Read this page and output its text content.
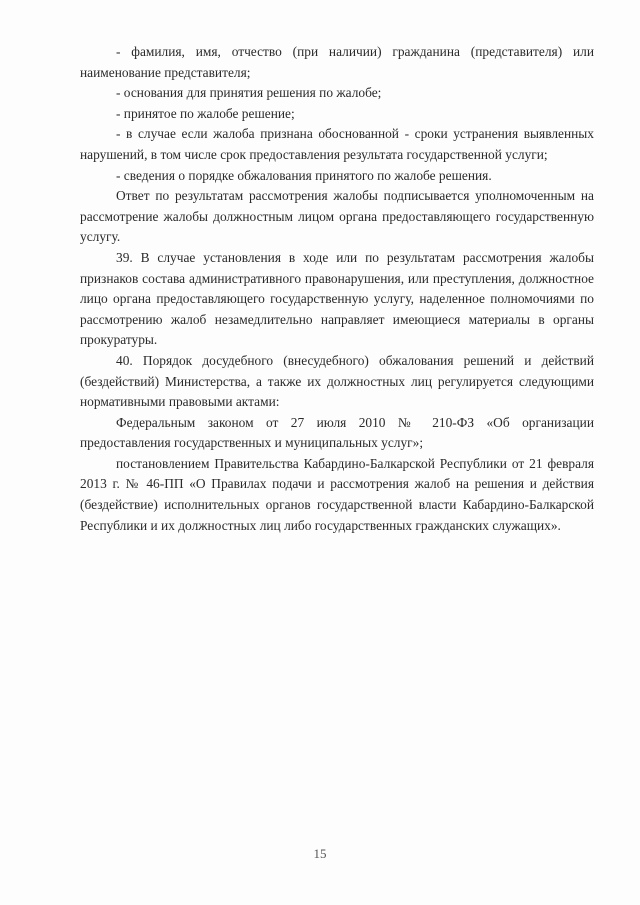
- фамилия, имя, отчество (при наличии) гражданина (представителя) или наименование представителя;

- основания для принятия решения по жалобе;

- принятое по жалобе решение;

- в случае если жалоба признана обоснованной - сроки устранения выявленных нарушений, в том числе срок предоставления результата государственной услуги;

- сведения о порядке обжалования принятого по жалобе решения.

Ответ по результатам рассмотрения жалобы подписывается уполномоченным на рассмотрение жалобы должностным лицом органа предоставляющего государственную услугу.

39. В случае установления в ходе или по результатам рассмотрения жалобы признаков состава административного правонарушения, или преступления, должностное лицо органа предоставляющего государственную услугу, наделенное полномочиями по рассмотрению жалоб незамедлительно направляет имеющиеся материалы в органы прокуратуры.

40. Порядок досудебного (внесудебного) обжалования решений и действий (бездействий) Министерства, а также их должностных лиц регулируется следующими нормативными правовыми актами:

Федеральным законом от 27 июля 2010 № 210-ФЗ «Об организации предоставления государственных и муниципальных услуг»;

постановлением Правительства Кабардино-Балкарской Республики от 21 февраля 2013 г. № 46-ПП «О Правилах подачи и рассмотрения жалоб на решения и действия (бездействие) исполнительных органов государственной власти Кабардино-Балкарской Республики и их должностных лиц либо государственных гражданских служащих».

15
